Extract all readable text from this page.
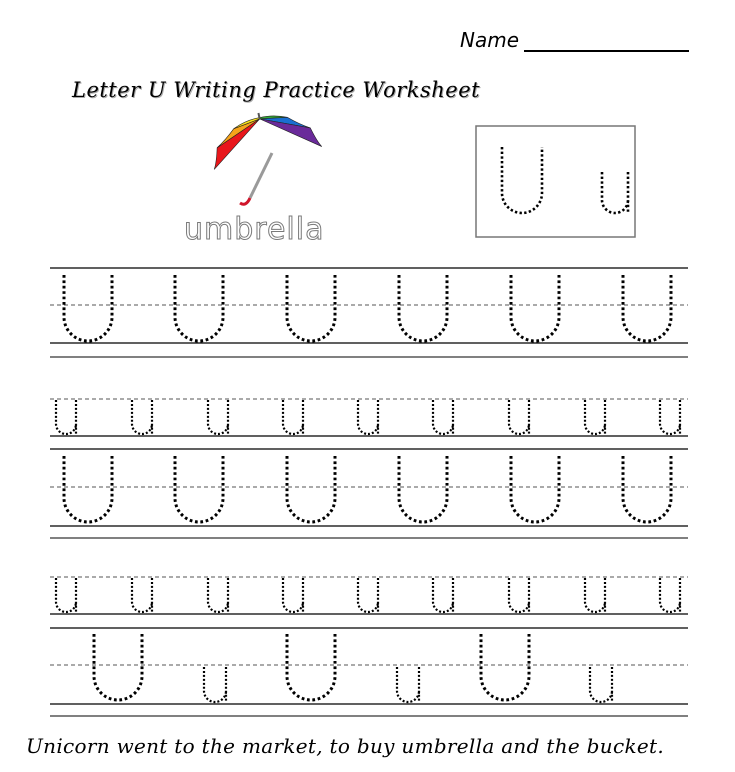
Name
Letter U Writing Practice Worksheet
umbrella
Unicorn went to the market, to buy umbrella and the bucket.
